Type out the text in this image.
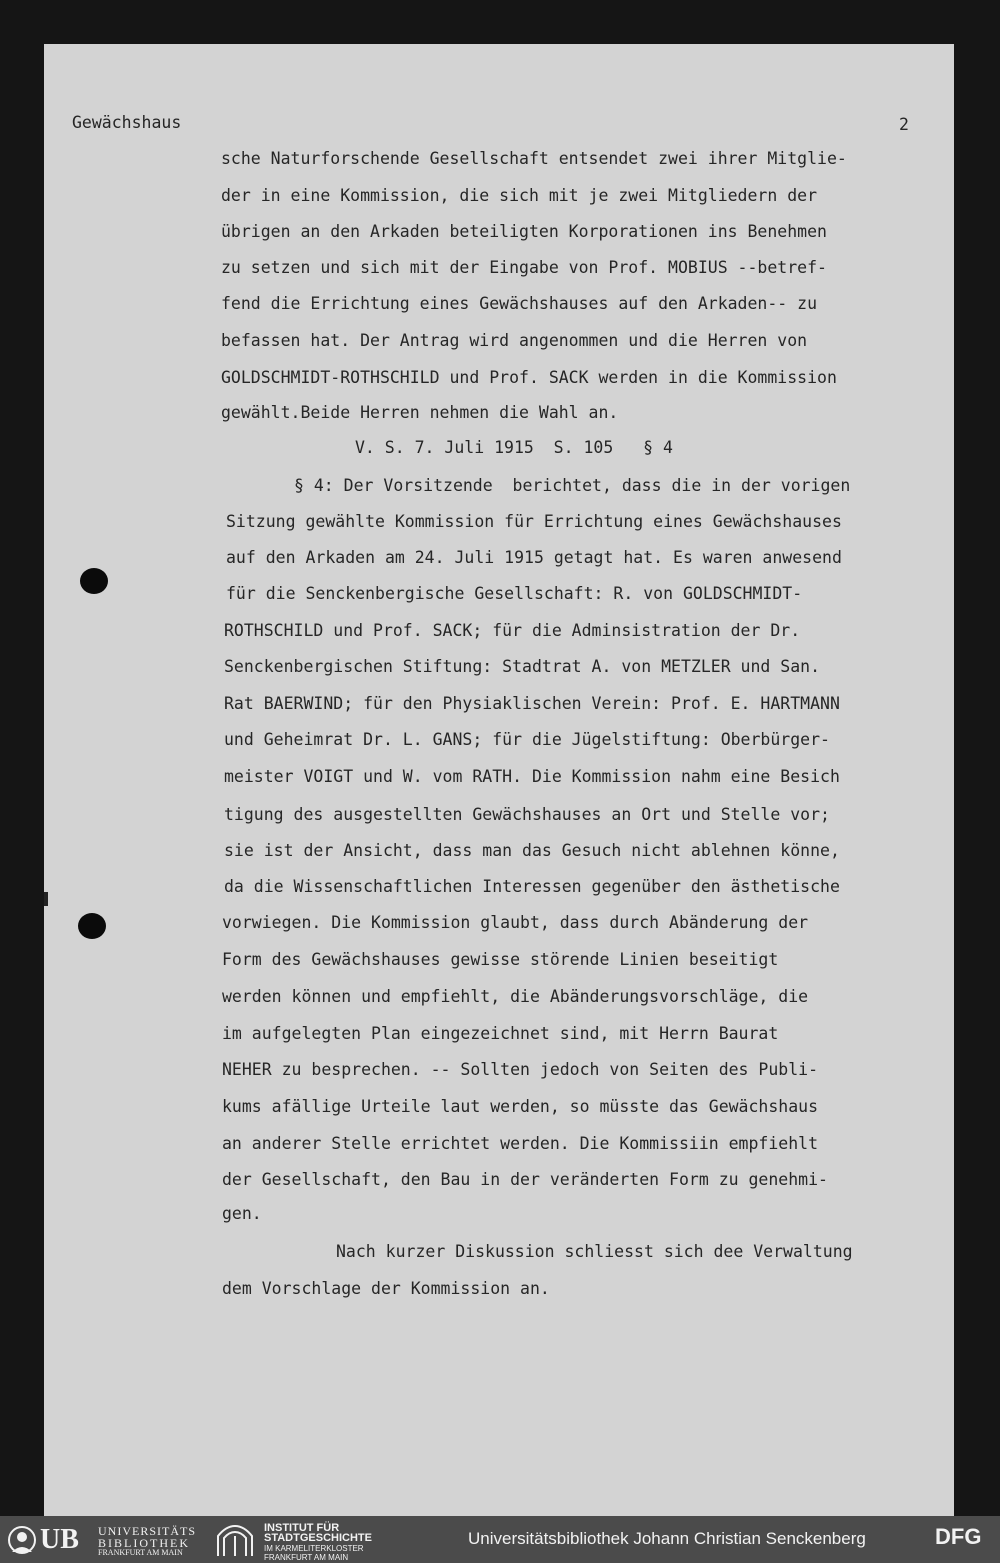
Gewächshaus	2
sche Naturforschende Gesellschaft entsendet zwei ihrer Mitglie-
der in eine Kommission, die sich mit je zwei Mitgliedern der
übrigen an den Arkaden beteiligten Korporationen ins Benehmen
zu setzen und sich mit der Eingabe von Prof. MOBIUS --betref-
fend die Errichtung eines Gewächshauses auf den Arkaden-- zu
befassen hat. Der Antrag wird angenommen und die Herren von
GOLDSCHMIDT-ROTHSCHILD und Prof. SACK werden in die Kommission
gewählt.Beide Herren nehmen die Wahl an.
V. S. 7. Juli 1915  S. 105   § 4
§ 4: Der Vorsitzende  berichtet, dass die in der vorigen
Sitzung gewählte Kommission für Errichtung eines Gewächshauses
auf den Arkaden am 24. Juli 1915 getagt hat. Es waren anwesend
für die Senckenbergische Gesellschaft: R. von GOLDSCHMIDT-
ROTHSCHILD und Prof. SACK; für die Adminsistration der Dr.
Senckenbergischen Stiftung: Stadtrat A. von METZLER und San.
Rat BAERWIND; für den Physiaklischen Verein: Prof. E. HARTMANN
und Geheimrat Dr. L. GANS; für die Jügelstiftung: Oberbürger-
meister VOIGT und W. vom RATH. Die Kommission nahm eine Besich
tigung des ausgestellten Gewächshauses an Ort und Stelle vor;
sie ist der Ansicht, dass man das Gesuch nicht ablehnen könne,
da die Wissenschaftlichen Interessen gegenüber den ästhetische
vorwiegen. Die Kommission glaubt, dass durch Abänderung der
Form des Gewächshauses gewisse störende Linien beseitigt
werden können und empfiehlt, die Abänderungsvorschläge, die
im aufgelegten Plan eingezeichnet sind, mit Herrn Baurat
NEHER zu besprechen. -- Sollten jedoch von Seiten des Publi-
kums afällige Urteile laut werden, so müsste das Gewächshaus
an anderer Stelle errichtet werden. Die Kommissiin empfiehlt
der Gesellschaft, den Bau in der veränderten Form zu genehmi-
gen.
Nach kurzer Diskussion schliesst sich dee Verwaltung
dem Vorschlage der Kommission an.
UB UNIVERSITÄTS
BIBLIOTHEK
FRANKFURT AM MAIN
INSTITUT FÜR
STADTGESCHICHTE
IM KARMELITERKLOSTER
FRANKFURT AM MAIN
Universitätsbibliothek Johann Christian Senckenberg	DFG
